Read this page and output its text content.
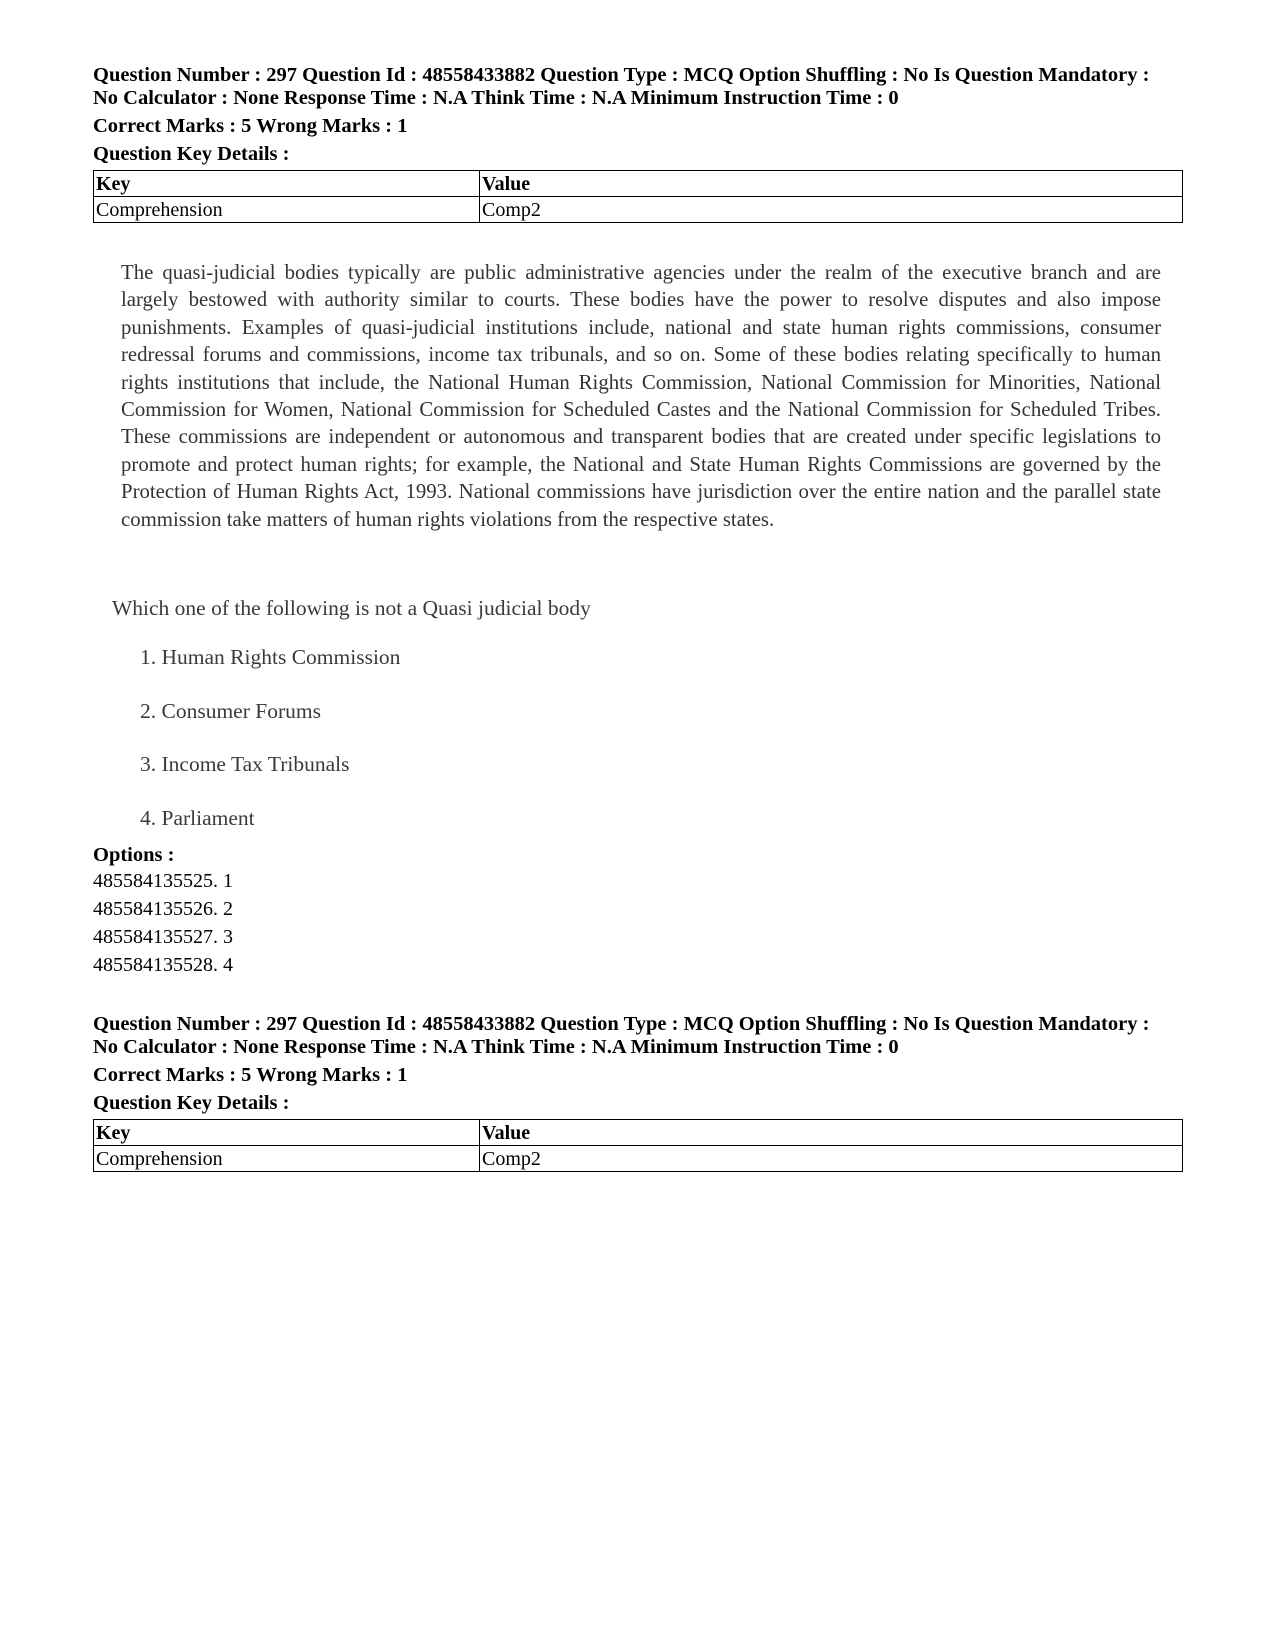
Question Number : 297 Question Id : 48558433882 Question Type : MCQ Option Shuffling : No Is Question Mandatory :
No Calculator : None Response Time : N.A Think Time : N.A Minimum Instruction Time : 0
Correct Marks : 5 Wrong Marks : 1
Question Key Details :
Key	Value
Comprehension	Comp2
The quasi-judicial bodies typically are public administrative agencies under the realm of the executive branch and are largely bestowed with authority similar to courts. These bodies have the power to resolve disputes and also impose punishments. Examples of quasi-judicial institutions include, national and state human rights commissions, consumer redressal forums and commissions, income tax tribunals, and so on. Some of these bodies relating specifically to human rights institutions that include, the National Human Rights Commission, National Commission for Minorities, National Commission for Women, National Commission for Scheduled Castes and the National Commission for Scheduled Tribes. These commissions are independent or autonomous and transparent bodies that are created under specific legislations to promote and protect human rights; for example, the National and State Human Rights Commissions are governed by the Protection of Human Rights Act, 1993. National commissions have jurisdiction over the entire nation and the parallel state commission take matters of human rights violations from the respective states.
Which one of the following is not a Quasi judicial body
1. Human Rights Commission
2. Consumer Forums
3. Income Tax Tribunals
4. Parliament
Options :
485584135525. 1
485584135526. 2
485584135527. 3
485584135528. 4
Question Number : 297 Question Id : 48558433882 Question Type : MCQ Option Shuffling : No Is Question Mandatory :
No Calculator : None Response Time : N.A Think Time : N.A Minimum Instruction Time : 0
Correct Marks : 5 Wrong Marks : 1
Question Key Details :
Key	Value
Comprehension	Comp2
